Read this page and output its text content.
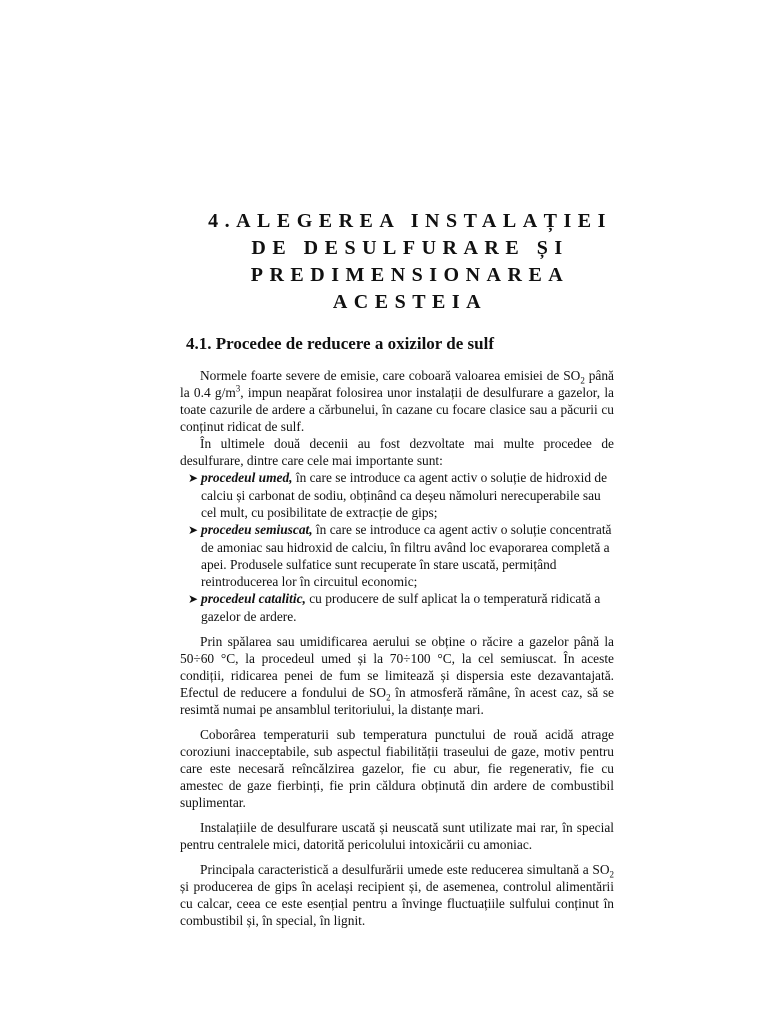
4.ALEGEREA INSTALAȚIEI
DE DESULFURARE ȘI
PREDIMENSIONAREA
ACESTEIA
4.1. Procedee de reducere a oxizilor de sulf

Normele foarte severe de emisie, care coboară valoarea emisiei de $SO_2$ până la 0.4 $g/m^3$, impun neapărat folosirea unor instalații de desulfurare a gazelor, la toate cazurile de ardere a cărbunelui, în cazane cu focare clasice sau a păcurii cu conținut ridicat de sulf.

În ultimele două decenii au fost dezvoltate mai multe procedee de desulfurare, dintre care cele mai importante sunt:

➤ procedeul umed, în care se introduce ca agent activ o soluție de hidroxid de calciu și carbonat de sodiu, obținând ca deșeu nămoluri nerecuperabile sau cel mult, cu posibilitate de extracție de gips;
➤ procedeu semiuscat, în care se introduce ca agent activ o soluție concentrată de amoniac sau hidroxid de calciu, în filtru având loc evaporarea completă a apei. Produsele sulfatice sunt recuperate în stare uscată, permițând reintroducerea lor în circuitul economic;
➤ procedeul catalitic, cu producere de sulf aplicat la o temperatură ridicată a gazelor de ardere.

Prin spălarea sau umidificarea aerului se obține o răcire a gazelor până la 50÷60 °C, la procedeul umed și la 70÷100 °C, la cel semiuscat. În aceste condiții, ridicarea penei de fum se limitează și dispersia este dezavantajată. Efectul de reducere a fondului de $SO_2$ în atmosferă rămâne, în acest caz, să se resimtă numai pe ansamblul teritoriului, la distanțe mari.

Coborârea temperaturii sub temperatura punctului de rouă acidă atrage coroziuni inacceptabile, sub aspectul fiabilității traseului de gaze, motiv pentru care este necesară reîncălzirea gazelor, fie cu abur, fie regenerativ, fie cu amestec de gaze fierbinți, fie prin căldura obținută din ardere de combustibil suplimentar.

Instalațiile de desulfurare uscată și neuscată sunt utilizate mai rar, în special pentru centralele mici, datorită pericolului intoxicării cu amoniac.

Principala caracteristică a desulfurării umede este reducerea simultană a $SO_2$ și producerea de gips în același recipient și, de asemenea, controlul alimentării cu calcar, ceea ce este esențial pentru a învinge fluctuațiile sulfului conținut în combustibil și, în special, în lignit.
